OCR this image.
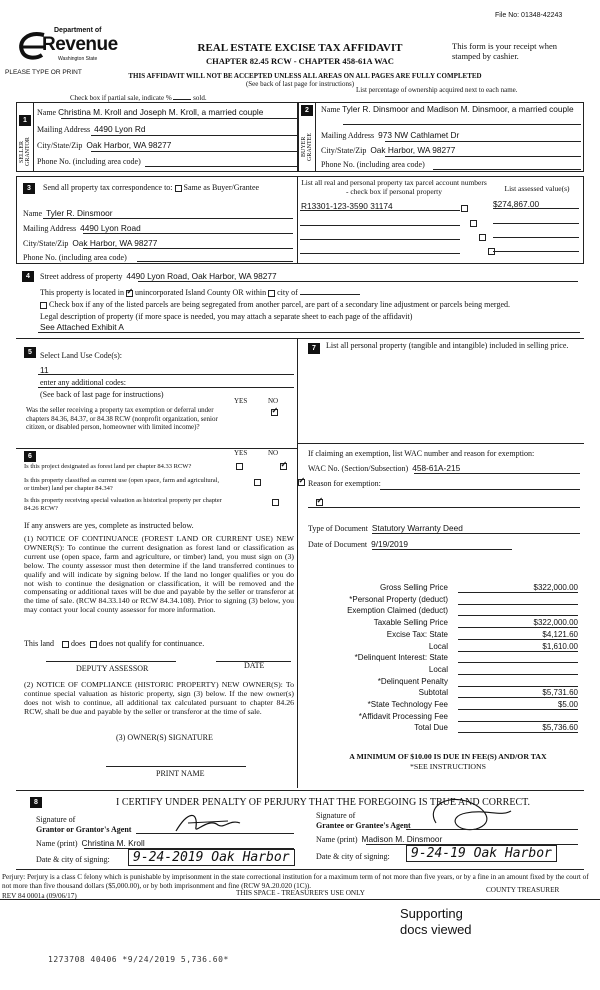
File No: 01348-42243
Department of
Revenue
Washington State
PLEASE TYPE OR PRINT
REAL ESTATE EXCISE TAX AFFIDAVIT
CHAPTER 82.45 RCW - CHAPTER 458-61A WAC
This form is your receipt when stamped by cashier.
THIS AFFIDAVIT WILL NOT BE ACCEPTED UNLESS ALL AREAS ON ALL PAGES ARE FULLY COMPLETED
(See back of last page for instructions)
Check box if partial sale, indicate %	sold.
List percentage of ownership acquired next to each name.
1
SELLER GRANTOR
Name Christina M. Kroll and Joseph M. Kroll, a married couple
Mailing Address 4490 Lyon Rd
City/State/Zip Oak Harbor, WA 98277
Phone No. (including area code)
2
BUYER GRANTEE
Name Tyler R. Dinsmoor and Madison M. Dinsmoor, a married couple
Mailing Address 973 NW Cathlamet Dr
City/State/Zip Oak Harbor, WA 98277
Phone No. (including area code)
3	Send all property tax correspondence to: Same as Buyer/Grantee
Name Tyler R. Dinsmoor
Mailing Address 4490 Lyon Road
City/State/Zip Oak Harbor, WA 98277
Phone No. (including area code)
List all real and personal property tax parcel account numbers - check box if personal property	List assessed value(s)
R13301-123-3590 31174	$274,867.00

4	Street address of property 4490 Lyon Road, Oak Harbor, WA 98277
This property is located in ✓ unincorporated Island County OR within city of
Check box if any of the listed parcels are being segregated from another parcel, are part of a secondary line adjustment or parcels being merged.
Legal description of property (if more space is needed, you may attach a separate sheet to each page of the affidavit)
See Attached Exhibit A
5	Select Land Use Code(s):
11
enter any additional codes:
(See back of last page for instructions)
YES	NO
✓
Was the seller receiving a property tax exemption or deferral under chapters 84.36, 84.37, or 84.38 RCW (nonprofit organization, senior citizen, or disabled person, homeowner with limited income)?
6	YES	NO
Is this project designated as forest land per chapter 84.33 RCW?
✓
Is this property classified as current use (open space, farm and agricultural, or timber) land per chapter 84.34?
✓
Is this property receiving special valuation as historical property per chapter 84.26 RCW?
✓
If any answers are yes, complete as instructed below.
(1) NOTICE OF CONTINUANCE (FOREST LAND OR CURRENT USE) NEW OWNER(S): To continue the current designation as forest land or classification as current use (open space, farm and agriculture, or timber) land, you must sign on (3) below. The county assessor must then determine if the land transferred continues to qualify and will indicate by signing below. If the land no longer qualifies or you do not wish to continue the designation or classification, it will be removed and the compensating or additional taxes will be due and payable by the seller or transferor at the time of sale. (RCW 84.33.140 or RCW 84.34.108). Prior to signing (3) below, you may contact your local county assessor for more information.
This land does does not qualify for continuance.
DEPUTY ASSESSOR	DATE
(2) NOTICE OF COMPLIANCE (HISTORIC PROPERTY) NEW OWNER(S): To continue special valuation as historic property, sign (3) below. If the new owner(s) does not wish to continue, all additional tax calculated pursuant to chapter 84.26 RCW, shall be due and payable by the seller or transferor at the time of sale.
(3) OWNER(S) SIGNATURE
PRINT NAME
7	List all personal property (tangible and intangible) included in selling price.
If claiming an exemption, list WAC number and reason for exemption:
WAC No. (Section/Subsection) 458-61A-215
Reason for exemption:
Type of Document Statutory Warranty Deed
Date of Document 9/19/2019
Gross Selling Price	$322,000.00
*Personal Property (deduct)
Exemption Claimed (deduct)
Taxable Selling Price	$322,000.00
Excise Tax: State	$4,121.60
Local	$1,610.00
*Delinquent Interest: State
Local
*Delinquent Penalty
Subtotal	$5,731.60
*State Technology Fee	$5.00
*Affidavit Processing Fee
Total Due	$5,736.60
A MINIMUM OF $10.00 IS DUE IN FEE(S) AND/OR TAX
*SEE INSTRUCTIONS
8	I CERTIFY UNDER PENALTY OF PERJURY THAT THE FOREGOING IS TRUE AND CORRECT.
Signature of
Grantor or Grantor's Agent
Signature of
Grantee or Grantee's Agent
Name (print) Christina M. Kroll	Name (print) Madison M. Dinsmoor
Date & city of signing:	9-24-2019 Oak Harbor	Date & city of signing:	9-24-19 Oak Harbor
Perjury: Perjury is a class C felony which is punishable by imprisonment in the state correctional institution for a maximum term of not more than five years, or by a fine in an amount fixed by the court of not more than five thousand dollars ($5,000.00), or by both imprisonment and fine (RCW 9A.20.020 (1C)).
REV 84 0001a (09/06/17)	THIS SPACE - TREASURER'S USE ONLY	COUNTY TREASURER
Supporting docs viewed
1273708 40406 *9/24/2019 5,736.60*
